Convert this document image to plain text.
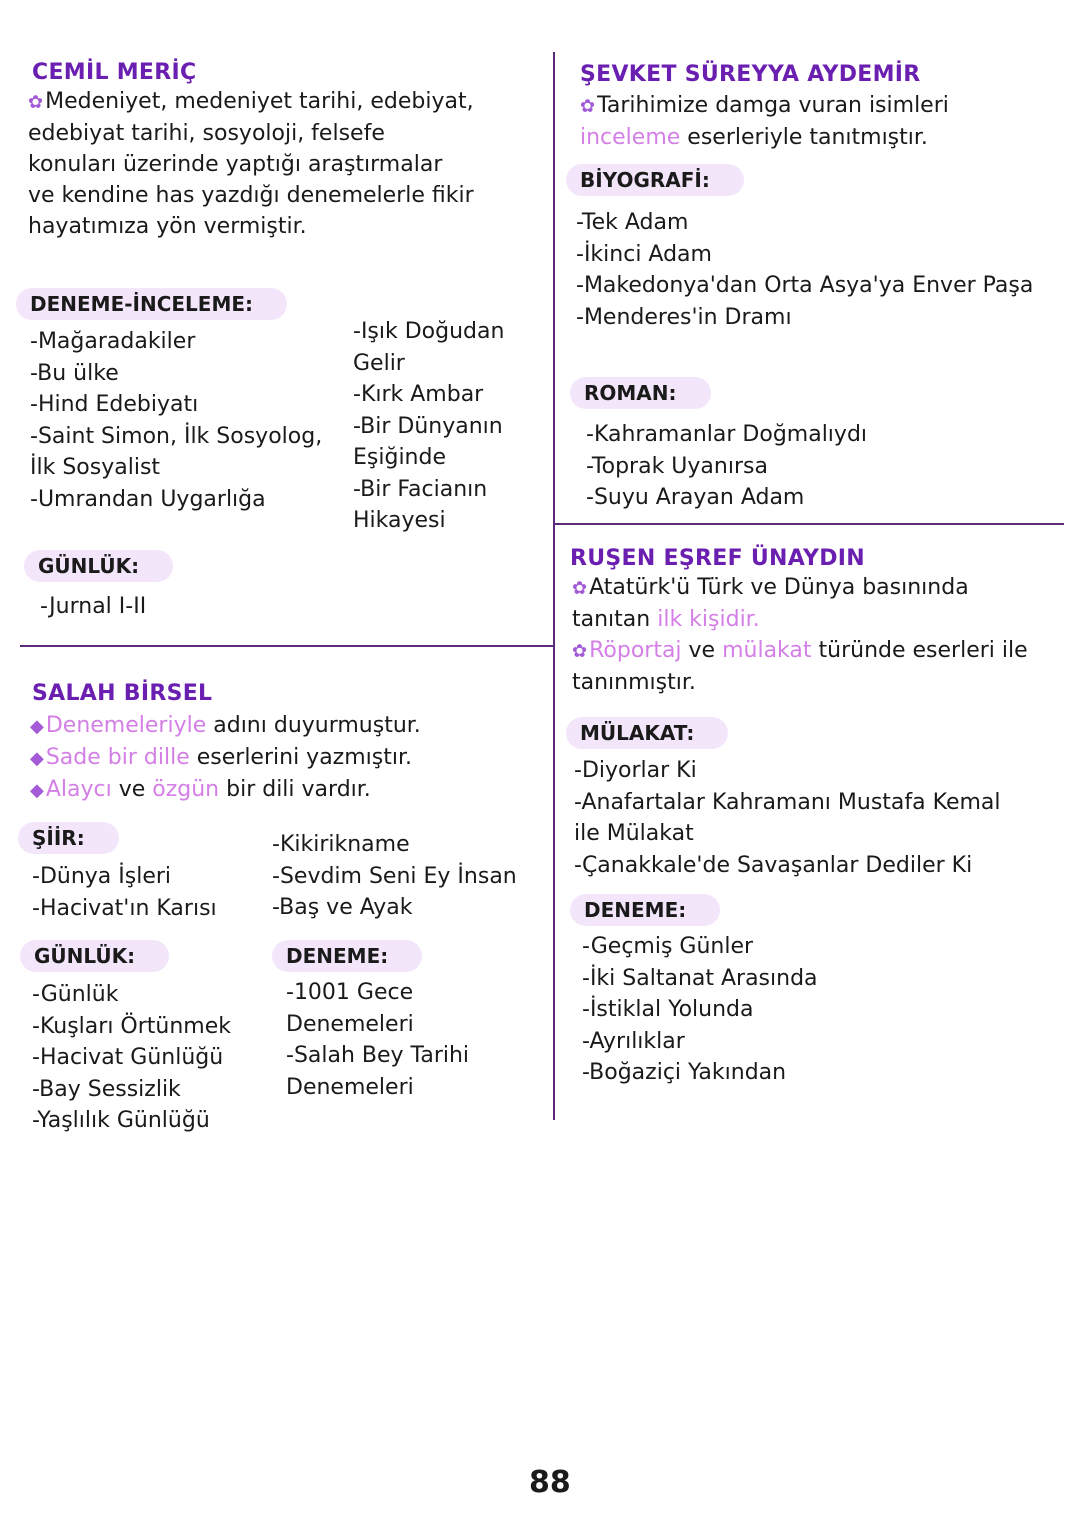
CEMİL MERİÇ
✿Medeniyet, medeniyet tarihi, edebiyat,
edebiyat tarihi, sosyoloji, felsefe
konuları üzerinde yaptığı araştırmalar
ve kendine has yazdığı denemelerle fikir
hayatımıza yön vermiştir.
DENEME-İNCELEME:
-Mağaradakiler
-Bu ülke
-Hind Edebiyatı
-Saint Simon, İlk Sosyolog,
İlk Sosyalist
-Umrandan Uygarlığa
-Işık Doğudan
Gelir
-Kırk Ambar
-Bir Dünyanın
Eşiğinde
-Bir Facianın
Hikayesi
GÜNLÜK:
-Jurnal I-II
SALAH BİRSEL
◆Denemeleriyle adını duyurmuştur.
◆Sade bir dille eserlerini yazmıştır.
◆Alaycı ve özgün bir dili vardır.
ŞİİR:
-Dünya İşleri
-Hacivat'ın Karısı
-Kikirikname
-Sevdim Seni Ey İnsan
-Baş ve Ayak
GÜNLÜK:
-Günlük
-Kuşları Örtünmek
-Hacivat Günlüğü
-Bay Sessizlik
-Yaşlılık Günlüğü
DENEME:
-1001 Gece
Denemeleri
-Salah Bey Tarihi
Denemeleri
ŞEVKET SÜREYYA AYDEMİR
✿Tarihimize damga vuran isimleri
inceleme eserleriyle tanıtmıştır.
BİYOGRAFİ:
-Tek Adam
-İkinci Adam
-Makedonya'dan Orta Asya'ya Enver Paşa
-Menderes'in Dramı
ROMAN:
-Kahramanlar Doğmalıydı
-Toprak Uyanırsa
-Suyu Arayan Adam
RUŞEN EŞREF ÜNAYDIN
✿Atatürk'ü Türk ve Dünya basınında
tanıtan ilk kişidir.
✿Röportaj ve mülakat türünde eserleri ile
tanınmıştır.
MÜLAKAT:
-Diyorlar Ki
-Anafartalar Kahramanı Mustafa Kemal
ile Mülakat
-Çanakkale'de Savaşanlar Dediler Ki
DENEME:
-Geçmiş Günler
-İki Saltanat Arasında
-İstiklal Yolunda
-Ayrılıklar
-Boğaziçi Yakından
88
